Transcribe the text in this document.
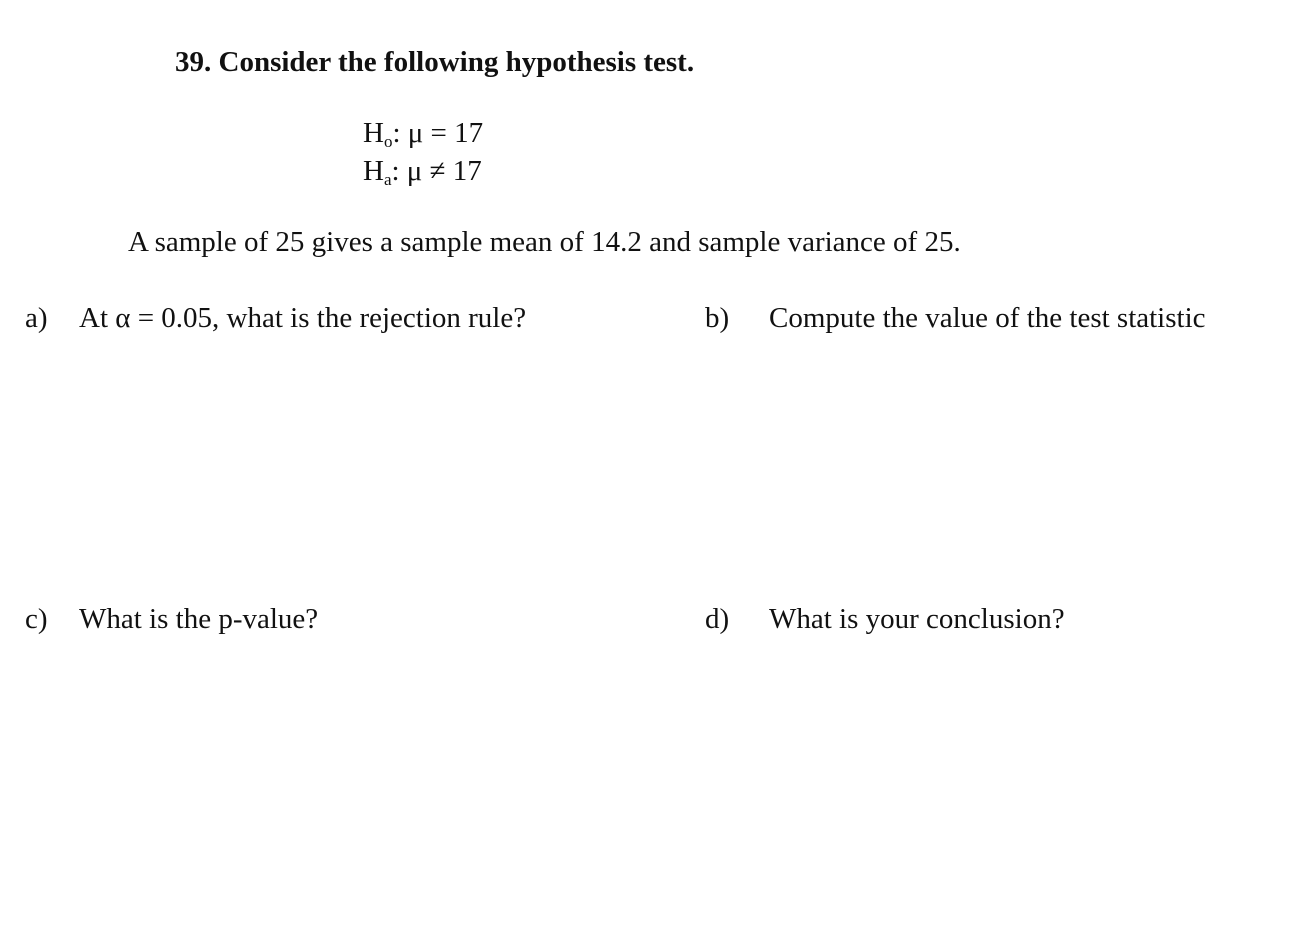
39. Consider the following hypothesis test.
$H_o$: μ = 17
$H_a$: μ ≠ 17
A sample of 25 gives a sample mean of 14.2 and sample variance of 25.
a) At α = 0.05, what is the rejection rule?	b) Compute the value of the test statistic
c) What is the p-value?	d) What is your conclusion?
